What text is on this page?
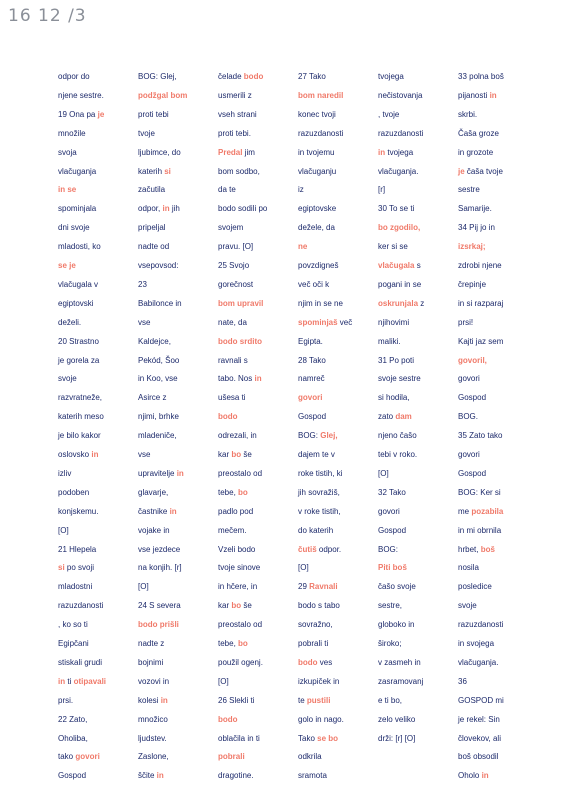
16 12 /3
odpor do
njene sestre.
19 Ona pa je
množile
svoja
vlačuganja
in se
spominjala
dni svoje
mladosti, ko
se je
vlačugala v
egiptovski
deželi.
20 Strastno
je gorela za
svoje
razvratneže,
katerih meso
je bilo kakor
oslovsko in
izliv
podoben
konjskemu.
[O]
21 Hlepela
si po svoji
mladostni
razuzdanosti
, ko so ti
Egipčani
stiskali grudi
in ti otipavali
prsi.
22 Zato,
Oholiba,
tako govori
Gospod
BOG: Glej,
podžgal bom
proti tebi
tvoje
ljubimce, do
katerih si
začutila
odpor, in jih
pripeljal
nadte od
vsepovsod:
23
Babilonce in
vse
Kaldejce,
Pekód, Šoo
in Koo, vse
Asirce z
njimi, brhke
mladeniče,
vse
upravitelje in
glavarje,
častnike in
vojake in
vse jezdece
na konjih. [r]
[O]
24 S severa
bodo prišli
nadte z
bojnimi
vozovi in
kolesi in
množico
ljudstev.
Zaslone,
ščite in
čelade bodo
usmerili z
vseh strani
proti tebi.
Predal jim
bom sodbo,
da te
bodo sodili po
svojem
pravu. [O]
25 Svojo
gorečnost
bom upravil
nate, da
bodo srdito
ravnali s
tabo. Nos in
ušesa ti
bodo
odrezali, in
kar bo še
preostalo od
tebe, bo
padlo pod
mečem.
Vzeli bodo
tvoje sinove
in hčere, in
kar bo še
preostalo od
tebe, bo
použil ogenj.
[O]
26 Slekli ti
bodo
oblačila in ti
pobrali
dragotine.
27 Tako
bom naredil
konec tvoji
razuzdanosti
in tvojemu
vlačuganju
iz
egiptovske
dežele, da
ne
povzdigneš
več oči k
njim in se ne
spominjaš več
Egipta.
28 Tako
namreč
govori
Gospod
BOG: Glej,
dajem te v
roke tistih, ki
jih sovražiš,
v roke tistih,
do katerih
čutiš odpor.
[O]
29 Ravnali
bodo s tabo
sovražno,
pobrali ti
bodo ves
izkupiček in
te pustili
golo in nago.
Tako se bo
odkrila
sramota
tvojega
nečistovanja
, tvoje
razuzdanosti
in tvojega
vlačuganja.
[r]
30 To se ti
bo zgodilo,
ker si se
vlačugala s
pogani in se
oskrunjala z
njihovimi
maliki.
31 Po poti
svoje sestre
si hodila,
zato dam
njeno čašo
tebi v roko.
[O]
32 Tako
govori
Gospod
BOG:
Piti boš
čašo svoje
sestre,
globoko in
široko;
v zasmeh in
zasramovanj
e ti bo,
zelo veliko
drži: [r] [O]
33 polna boš
pijanosti in
skrbi.
Čaša groze
in grozote
je čaša tvoje
sestre
Samarije.
34 Pij jo in
izsrkaj;
zdrobi njene
črepinje
in si razparaj
prsi!
Kajti jaz sem
govoril,
govori
Gospod
BOG.
35 Zato tako
govori
Gospod
BOG: Ker si
me pozabila
in mi obrnila
hrbet, boš
nosila
posledice
svoje
razuzdanosti
in svojega
vlačuganja.
36
GOSPOD mi
je rekel: Sin
človekov, ali
boš obsodil
Oholo in
